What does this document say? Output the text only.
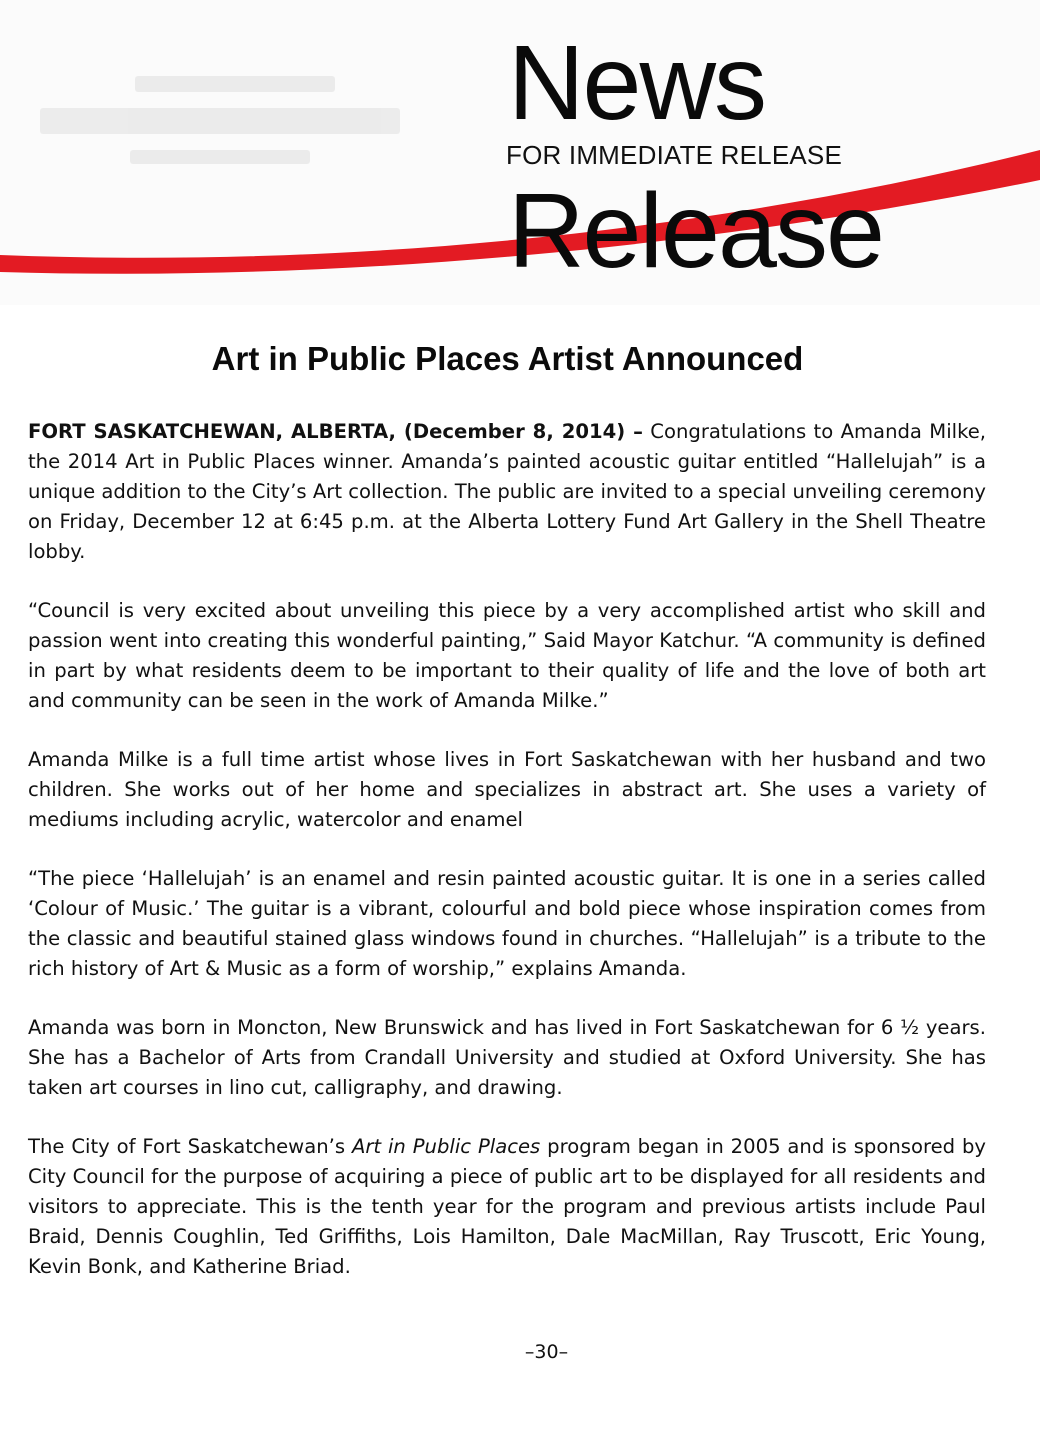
News
FOR IMMEDIATE RELEASE
Release
Art in Public Places Artist Announced

FORT SASKATCHEWAN, ALBERTA, (December 8, 2014) – Congratulations to Amanda Milke, the 2014 Art in Public Places winner. Amanda’s painted acoustic guitar entitled “Hallelujah” is a unique addition to the City’s Art collection. The public are invited to a special unveiling ceremony on Friday, December 12 at 6:45 p.m. at the Alberta Lottery Fund Art Gallery in the Shell Theatre lobby.

“Council is very excited about unveiling this piece by a very accomplished artist who skill and passion went into creating this wonderful painting,” Said Mayor Katchur. “A community is defined in part by what residents deem to be important to their quality of life and the love of both art and community can be seen in the work of Amanda Milke.”

Amanda Milke is a full time artist whose lives in Fort Saskatchewan with her husband and two children. She works out of her home and specializes in abstract art. She uses a variety of mediums including acrylic, watercolor and enamel

“The piece ‘Hallelujah’ is an enamel and resin painted acoustic guitar. It is one in a series called ‘Colour of Music.’ The guitar is a vibrant, colourful and bold piece whose inspiration comes from the classic and beautiful stained glass windows found in churches. “Hallelujah” is a tribute to the rich history of Art & Music as a form of worship,” explains Amanda.

Amanda was born in Moncton, New Brunswick and has lived in Fort Saskatchewan for 6 ½ years. She has a Bachelor of Arts from Crandall University and studied at Oxford University. She has taken art courses in lino cut, calligraphy, and drawing.

The City of Fort Saskatchewan’s Art in Public Places program began in 2005 and is sponsored by City Council for the purpose of acquiring a piece of public art to be displayed for all residents and visitors to appreciate. This is the tenth year for the program and previous artists include Paul Braid, Dennis Coughlin, Ted Griffiths, Lois Hamilton, Dale MacMillan, Ray Truscott, Eric Young, Kevin Bonk, and Katherine Briad.

–30–
